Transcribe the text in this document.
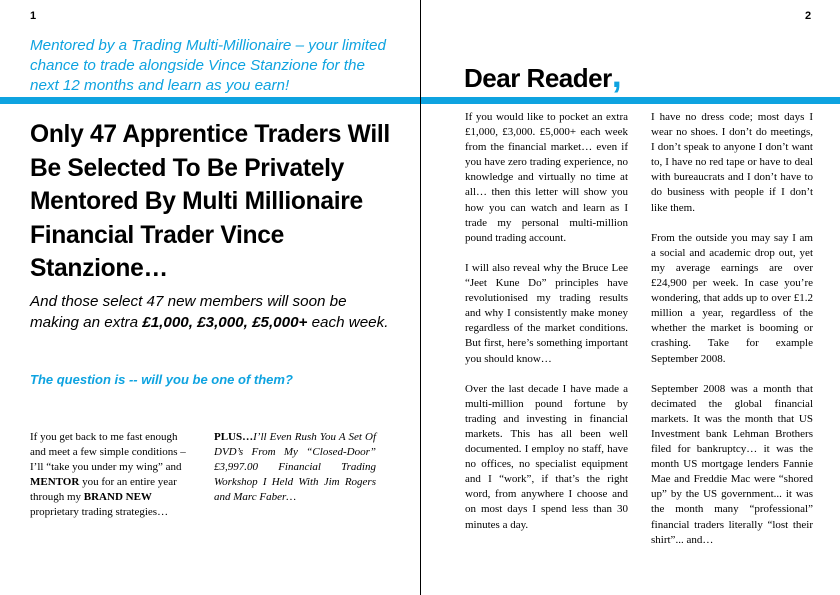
1
Mentored by a Trading Multi-Millionaire – your limited chance to trade alongside Vince Stanzione for the next 12 months and learn as you earn!
Only 47 Apprentice Traders Will Be Selected To Be Privately Mentored By Multi Millionaire Financial Trader Vince Stanzione…
And those select 47 new members will soon be making an extra £1,000, £3,000, £5,000+ each week.
The question is -- will you be one of them?
If you get back to me fast enough and meet a few simple conditions – I’ll “take you under my wing” and MENTOR you for an entire year through my BRAND NEW proprietary trading strategies…
PLUS…I’ll Even Rush You A Set Of DVD’s From My “Closed-Door” £3,997.00 Financial Trading Workshop I Held With Jim Rogers and Marc Faber…
2
Dear Reader,

If you would like to pocket an extra £1,000, £3,000. £5,000+ each week from the financial market… even if you have zero trading experience, no knowledge and virtually no time at all… then this letter will show you how you can watch and learn as I trade my personal multi-million pound trading account.

I will also reveal why the Bruce Lee “Jeet Kune Do” principles have revolutionised my trading results and why I consistently make money regardless of the market conditions. But first, here’s something important you should know…

Over the last decade I have made a multi-million pound fortune by trading and investing in financial markets. This has all been well documented. I employ no staff, have no offices, no specialist equipment and I “work”, if that’s the right word, from anywhere I choose and on most days I spend less than 30 minutes a day.

I have no dress code; most days I wear no shoes. I don’t do meetings, I don’t speak to anyone I don’t want to, I have no red tape or have to deal with bureaucrats and I don’t have to do business with people if I don’t like them.

From the outside you may say I am a social and academic drop out, yet my average earnings are over £24,900 per week. In case you’re wondering, that adds up to over £1.2 million a year, regardless of the whether the market is booming or crashing. Take for example September 2008.

September 2008 was a month that decimated the global financial markets. It was the month that US Investment bank Lehman Brothers filed for bankruptcy… it was the month US mortgage lenders Fannie Mae and Freddie Mac were “shored up” by the US government... it was the month many “professional” financial traders literally “lost their shirt”... and…
